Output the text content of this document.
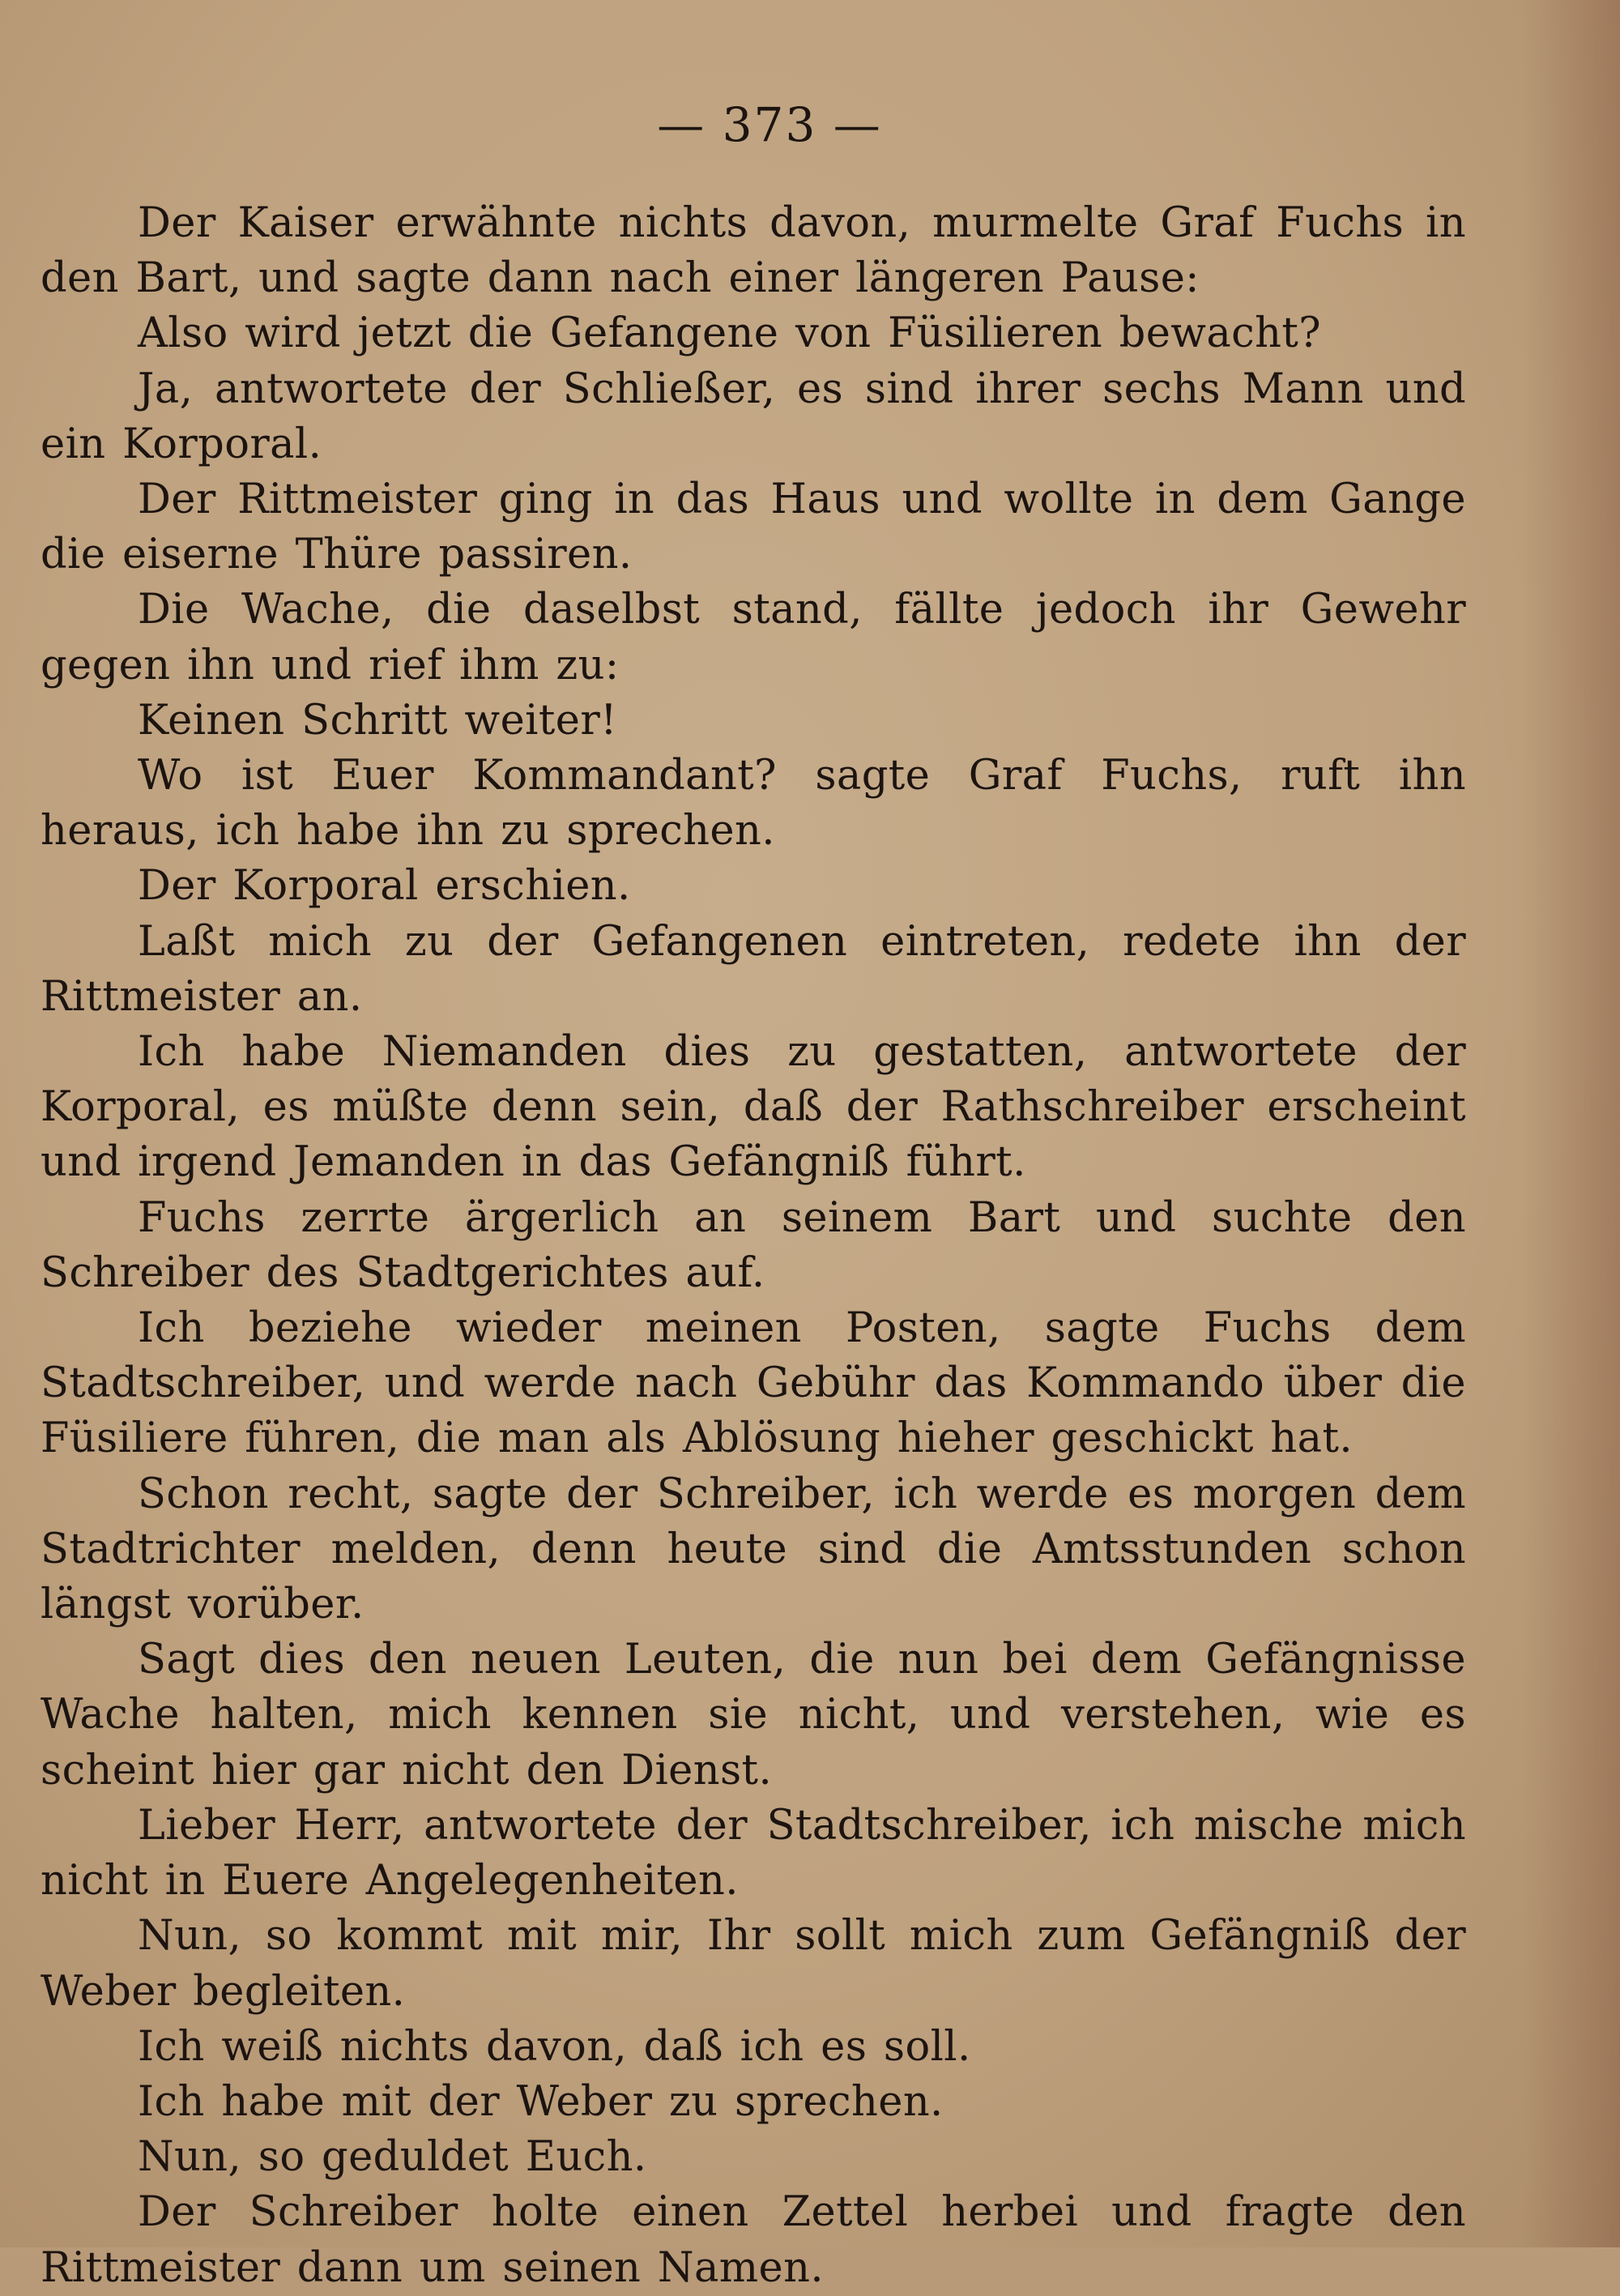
— 373 —

Der Kaiser erwähnte nichts davon, murmelte Graf Fuchs in den Bart, und sagte dann nach einer längeren Pause:

Also wird jetzt die Gefangene von Füsilieren bewacht?

Ja, antwortete der Schließer, es sind ihrer sechs Mann und ein Korporal.

Der Rittmeister ging in das Haus und wollte in dem Gange die eiserne Thüre passiren.

Die Wache, die daselbst stand, fällte jedoch ihr Gewehr gegen ihn und rief ihm zu:

Keinen Schritt weiter!

Wo ist Euer Kommandant? sagte Graf Fuchs, ruft ihn heraus, ich habe ihn zu sprechen.

Der Korporal erschien.

Laßt mich zu der Gefangenen eintreten, redete ihn der Rittmeister an.

Ich habe Niemanden dies zu gestatten, antwortete der Korporal, es müßte denn sein, daß der Rathschreiber erscheint und irgend Jemanden in das Gefängniß führt.

Fuchs zerrte ärgerlich an seinem Bart und suchte den Schreiber des Stadtgerichtes auf.

Ich beziehe wieder meinen Posten, sagte Fuchs dem Stadtschreiber, und werde nach Gebühr das Kommando über die Füsiliere führen, die man als Ablösung hieher geschickt hat.

Schon recht, sagte der Schreiber, ich werde es morgen dem Stadtrichter melden, denn heute sind die Amtsstunden schon längst vorüber.

Sagt dies den neuen Leuten, die nun bei dem Gefängnisse Wache halten, mich kennen sie nicht, und verstehen, wie es scheint hier gar nicht den Dienst.

Lieber Herr, antwortete der Stadtschreiber, ich mische mich nicht in Euere Angelegenheiten.

Nun, so kommt mit mir, Ihr sollt mich zum Gefängniß der Weber begleiten.

Ich weiß nichts davon, daß ich es soll.

Ich habe mit der Weber zu sprechen.

Nun, so geduldet Euch.

Der Schreiber holte einen Zettel herbei und fragte den Rittmeister dann um seinen Namen.
